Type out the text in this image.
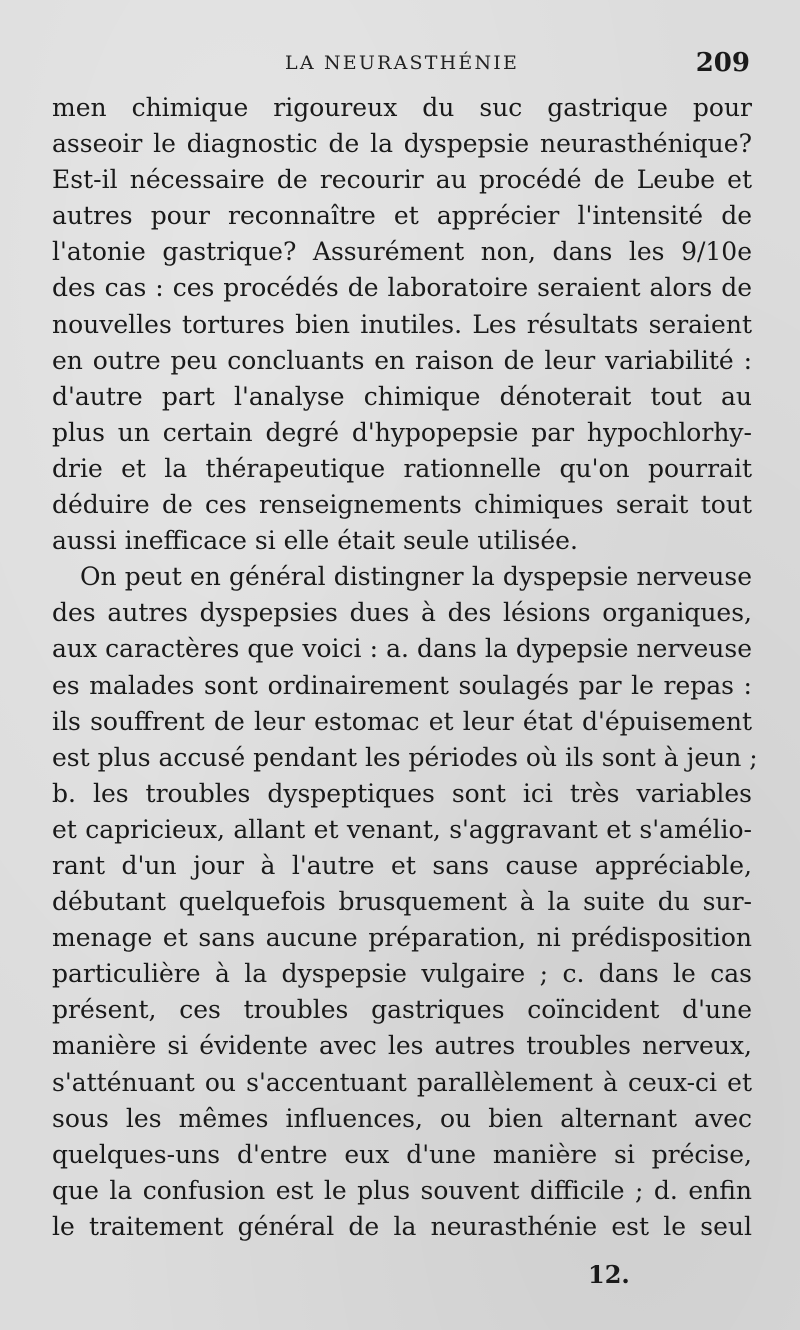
LA NEURASTHÉNIE	209
men chimique rigoureux du suc gastrique pour
asseoir le diagnostic de la dyspepsie neurasthénique?
Est-il nécessaire de recourir au procédé de Leube et
autres pour reconnaître et apprécier l'intensité de
l'atonie gastrique? Assurément non, dans les 9/10e
des cas : ces procédés de laboratoire seraient alors de
nouvelles tortures bien inutiles. Les résultats seraient
en outre peu concluants en raison de leur variabilité :
d'autre part l'analyse chimique dénoterait tout au
plus un certain degré d'hypopepsie par hypochlorhy-
drie et la thérapeutique rationnelle qu'on pourrait
déduire de ces renseignements chimiques serait tout
aussi inefficace si elle était seule utilisée.
On peut en général distingner la dyspepsie nerveuse
des autres dyspepsies dues à des lésions organiques,
aux caractères que voici : a. dans la dypepsie nerveuse
es malades sont ordinairement soulagés par le repas :
ils souffrent de leur estomac et leur état d'épuisement
est plus accusé pendant les périodes où ils sont à jeun ;
b. les troubles dyspeptiques sont ici très variables
et capricieux, allant et venant, s'aggravant et s'amélio-
rant d'un jour à l'autre et sans cause appréciable,
débutant quelquefois brusquement à la suite du sur-
menage et sans aucune préparation, ni prédisposition
particulière à la dyspepsie vulgaire ; c. dans le cas
présent, ces troubles gastriques coïncident d'une
manière si évidente avec les autres troubles nerveux,
s'atténuant ou s'accentuant parallèlement à ceux-ci et
sous les mêmes influences, ou bien alternant avec
quelques-uns d'entre eux d'une manière si précise,
que la confusion est le plus souvent difficile ; d. enfin
le traitement général de la neurasthénie est le seul
12.
